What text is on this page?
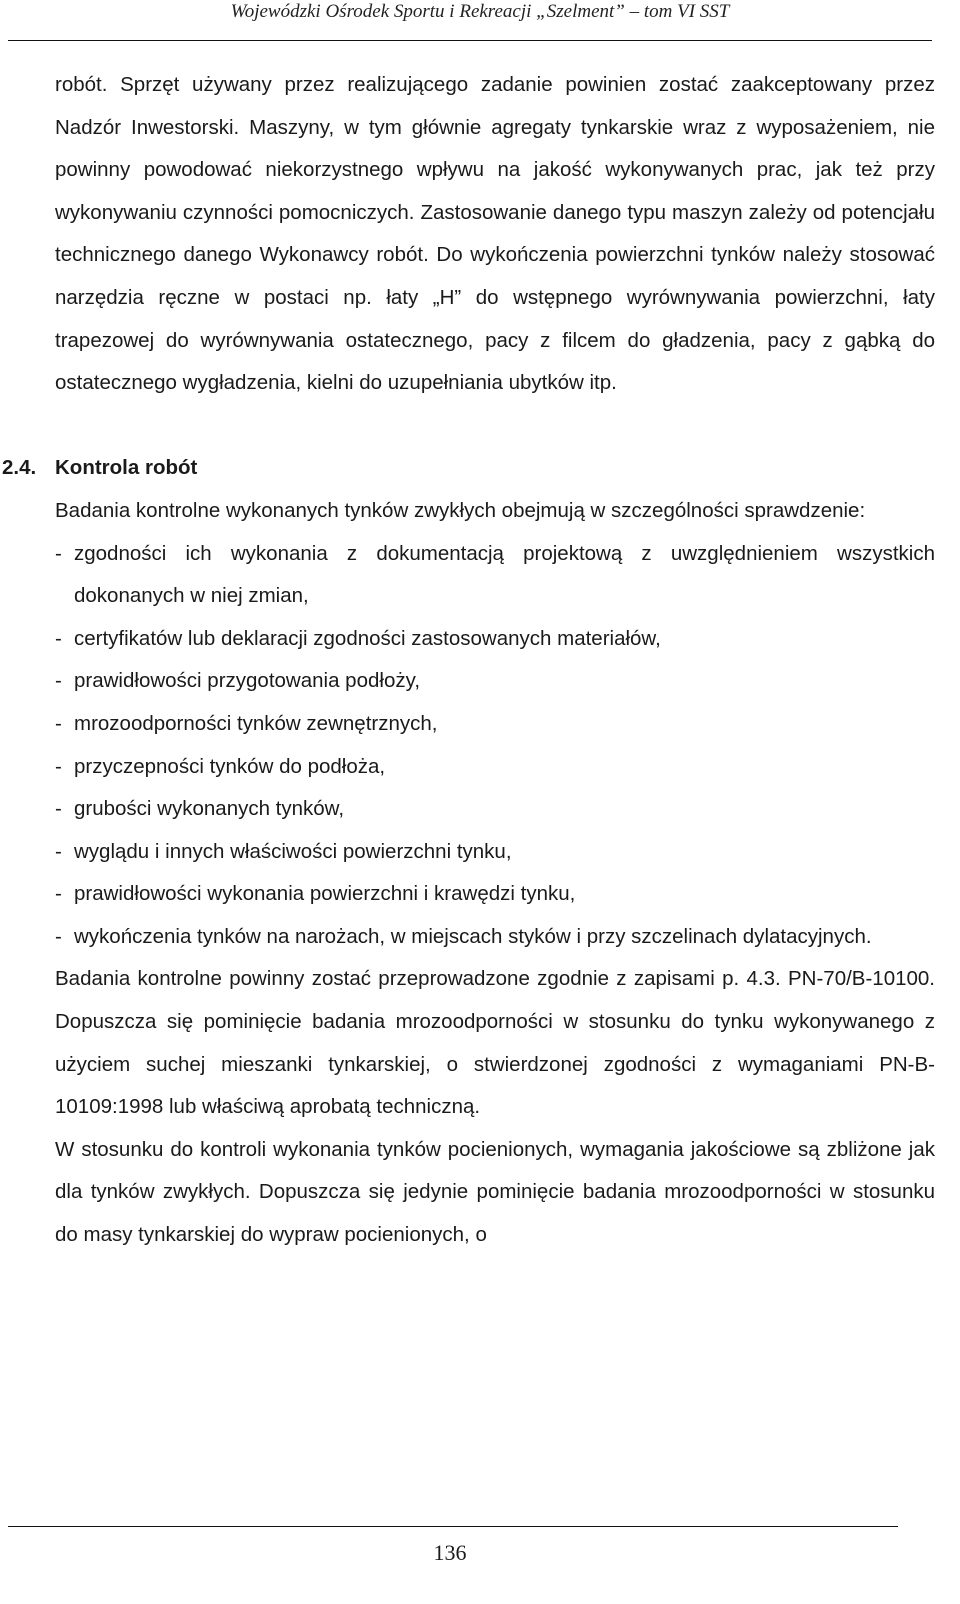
Wojewódzki Ośrodek Sportu i Rekreacji „Szelment” – tom VI SST

robót. Sprzęt używany przez realizującego zadanie powinien zostać zaakceptowany przez Nadzór Inwestorski. Maszyny, w tym głównie agregaty tynkarskie wraz z wyposażeniem, nie powinny powodować niekorzystnego wpływu na jakość wykonywanych prac, jak też przy wykonywaniu czynności pomocniczych. Zastosowanie danego typu maszyn zależy od potencjału technicznego danego Wykonawcy robót. Do wykończenia powierzchni tynków należy stosować narzędzia ręczne w postaci np. łaty „H” do wstępnego wyrównywania powierzchni, łaty trapezowej do wyrównywania ostatecznego, pacy z filcem do gładzenia, pacy z gąbką do ostatecznego wygładzenia, kielni do uzupełniania ubytków itp.

2.4. Kontrola robót

Badania kontrolne wykonanych tynków zwykłych obejmują w szczególności sprawdzenie:

- zgodności ich wykonania z dokumentacją projektową z uwzględnieniem wszystkich dokonanych w niej zmian,
- certyfikatów lub deklaracji zgodności zastosowanych materiałów,
- prawidłowości przygotowania podłoży,
- mrozoodporności tynków zewnętrznych,
- przyczepności tynków do podłoża,
- grubości wykonanych tynków,
- wyglądu i innych właściwości powierzchni tynku,
- prawidłowości wykonania powierzchni i krawędzi tynku,
- wykończenia tynków na narożach, w miejscach styków i przy szczelinach dylatacyjnych.

Badania kontrolne powinny zostać przeprowadzone zgodnie z zapisami p. 4.3. PN-70/B-10100. Dopuszcza się pominięcie badania mrozoodporności w stosunku do tynku wykonywanego z użyciem suchej mieszanki tynkarskiej, o stwierdzonej zgodności z wymaganiami PN-B-10109:1998 lub właściwą aprobatą techniczną.

W stosunku do kontroli wykonania tynków pocienionych, wymagania jakościowe są zbliżone jak dla tynków zwykłych. Dopuszcza się jedynie pominięcie badania mrozoodporności w stosunku do masy tynkarskiej do wypraw pocienionych, o

136
